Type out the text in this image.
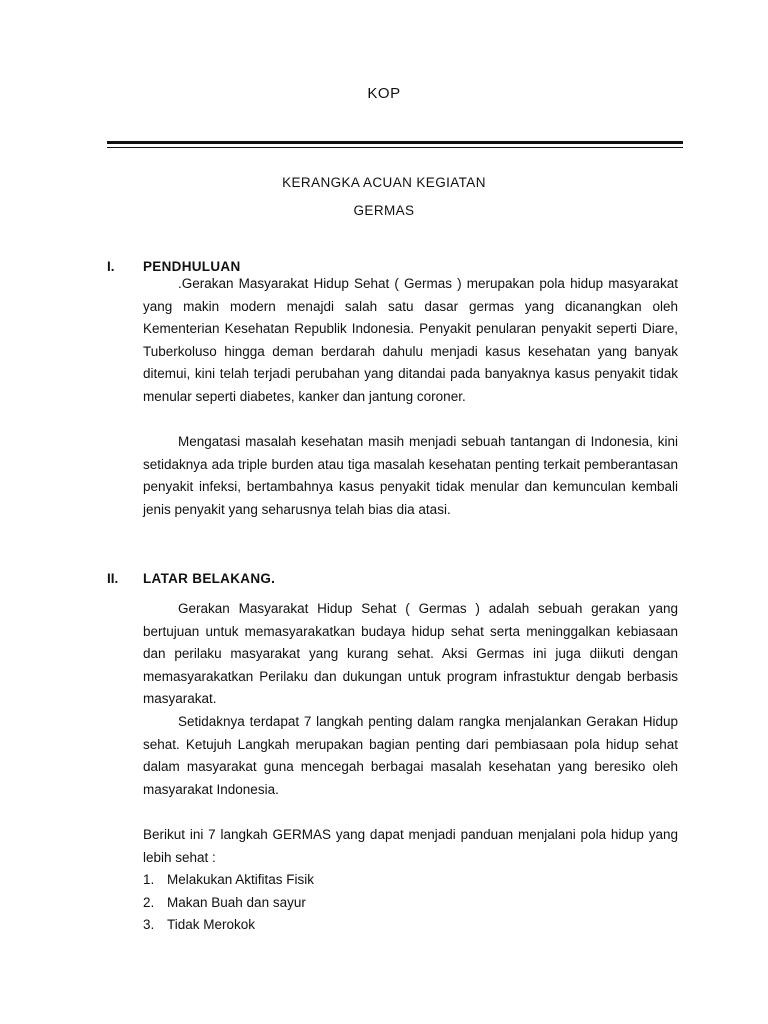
KOP
KERANGKA ACUAN KEGIATAN
GERMAS
I. PENDHULUAN

.Gerakan Masyarakat Hidup Sehat ( Germas ) merupakan pola hidup masyarakat yang makin modern menajdi salah satu dasar germas yang dicanangkan oleh Kementerian Kesehatan Republik Indonesia. Penyakit penularan penyakit seperti Diare, Tuberkoluso hingga deman berdarah dahulu menjadi kasus kesehatan yang banyak ditemui, kini telah terjadi perubahan yang ditandai pada banyaknya kasus penyakit tidak menular seperti diabetes, kanker dan jantung coroner.

Mengatasi masalah kesehatan masih menjadi sebuah tantangan di Indonesia, kini setidaknya ada triple burden atau tiga masalah kesehatan penting terkait pemberantasan penyakit infeksi, bertambahnya kasus penyakit tidak menular dan kemunculan kembali jenis penyakit yang seharusnya telah bias dia atasi.

II. LATAR BELAKANG.

Gerakan Masyarakat Hidup Sehat ( Germas ) adalah sebuah gerakan yang bertujuan untuk memasyarakatkan budaya hidup sehat serta meninggalkan kebiasaan dan perilaku masyarakat yang kurang sehat. Aksi Germas ini juga diikuti dengan memasyarakatkan Perilaku dan dukungan untuk program infrastuktur dengab berbasis masyarakat.

Setidaknya terdapat 7 langkah penting dalam rangka menjalankan Gerakan Hidup sehat. Ketujuh Langkah merupakan bagian penting dari pembiasaan pola hidup sehat dalam masyarakat guna mencegah berbagai masalah kesehatan yang beresiko oleh masyarakat Indonesia.

Berikut ini 7 langkah GERMAS yang dapat menjadi panduan menjalani pola hidup yang lebih sehat :

1. Melakukan Aktifitas Fisik
2. Makan Buah dan sayur
3. Tidak Merokok
